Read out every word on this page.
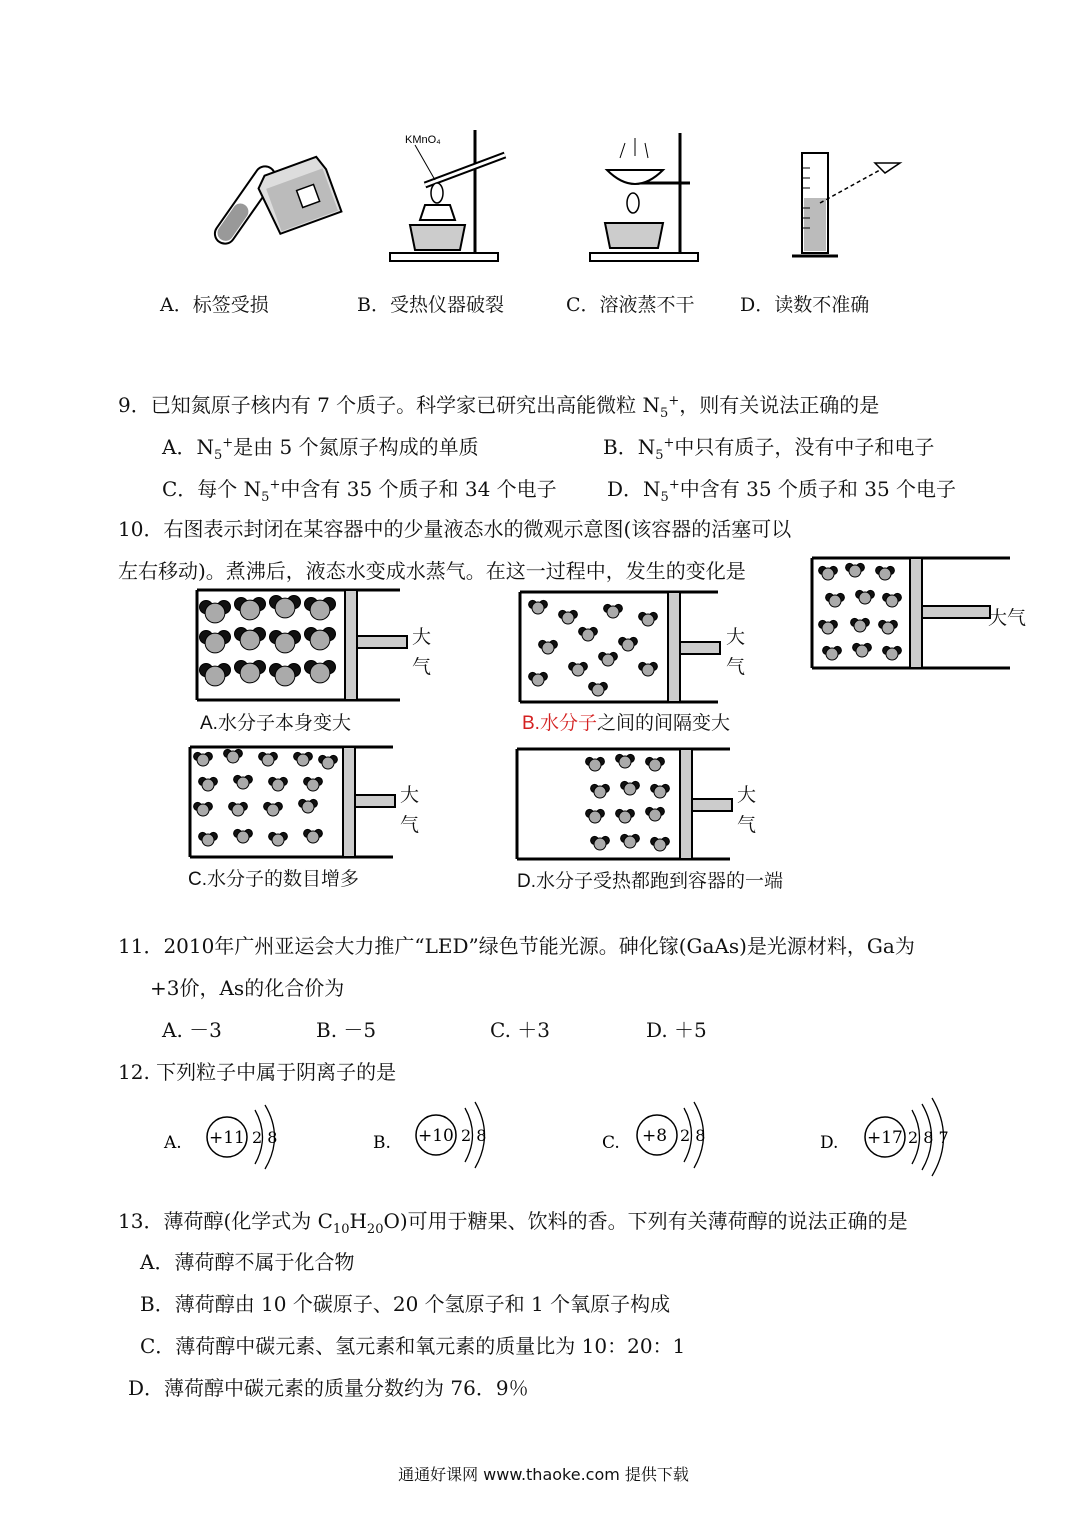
KMnO₄
A．标签受损	B．受热仪器破裂	C．溶液蒸不干 D．读数不准确
9．已知氮原子核内有 7 个质子。科学家已研究出高能微粒 $N_5^+$，则有关说法正确的是
A．$N_5^+$是由 5 个氮原子构成的单质	B．$N_5^+$中只有质子，没有中子和电子
C．每个 $N_5^+$中含有 35 个质子和 34 个电子	D．$N_5^+$中含有 35 个质子和 35 个电子
10．右图表示封闭在某容器中的少量液态水的微观示意图(该容器的活塞可以
左右移动)。煮沸后，液态水变成水蒸气。在这一过程中，发生的变化是
大气
大
气
A.水分子本身变大
大
气
B.水分子之间的间隔变大
大
气
C.水分子的数目增多
大
气
D.水分子受热都跑到容器的一端
11．2010年广州亚运会大力推广“LED”绿色节能光源。砷化镓(GaAs)是光源材料，Ga为
+3价，As的化合价为
A. －3	B. －5	C. ＋3	D. ＋5
12. 下列粒子中属于阴离子的是
A. +11 2 8	B. +10 2 8	C. +8 2 8	D. +17 2 8 7
13．薄荷醇(化学式为 $C_{10}H_{20}O$)可用于糖果、饮料的香。下列有关薄荷醇的说法正确的是
A．薄荷醇不属于化合物
B．薄荷醇由 10 个碳原子、20 个氢原子和 1 个氧原子构成
C．薄荷醇中碳元素、氢元素和氧元素的质量比为 10：20：1
D．薄荷醇中碳元素的质量分数约为 76．9％
通通好课网 www.thaoke.com 提供下载
